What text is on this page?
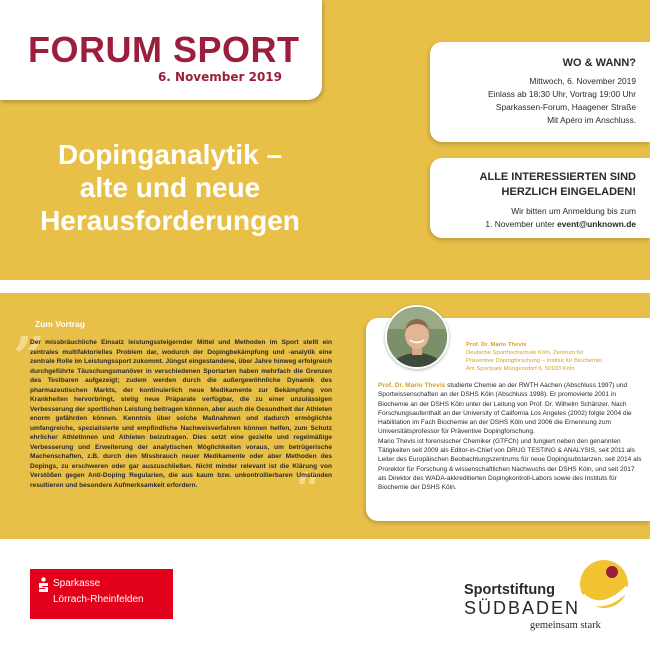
FORUM SPORT
6. November 2019
Dopinganalytik –
alte und neue
Herausforderungen
WO & WANN?
Mittwoch, 6. November 2019
Einlass ab 18:30 Uhr, Vortrag 19:00 Uhr
Sparkassen-Forum, Haagener Straße
Mit Apéro im Anschluss.
ALLE INTERESSIERTEN SIND
HERZLICH EINGELADEN!
Wir bitten um Anmeldung bis zum
1. November unter event@unknown.de
„
“
Zum Vortrag
Der missbräuchliche Einsatz leistungssteigernder Mittel und Methoden im Sport stellt ein zentrales multifaktorielles Problem dar, wodurch der Dopingbekämpfung und -analytik eine zentrale Rolle im Leistungssport zukommt. Jüngst eingestandene, über Jahre hinweg erfolgreich durchgeführte Täuschungsmanöver in verschiedenen Sportarten haben mehrfach die Grenzen des Testbaren aufgezeigt; zudem werden durch die außergewöhnliche Dynamik des pharmazeutischen Markts, der kontinuierlich neue Medikamente zur Bekämpfung von Krankheiten hervorbringt, stetig neue Präparate verfügbar, die zu einer unzulässigen Verbesserung der sportlichen Leistung beitragen können, aber auch die Gesundheit der Athleten enorm gefährden können. Kenntnis über solche Maßnahmen und dadurch ermöglichte umfangreiche, spezialisierte und empfindliche Nachweisverfahren können helfen, zum Schutz ehrlicher Athletinnen und Athleten beizutragen. Dies setzt eine gezielte und regelmäßige Verbesserung und Erweiterung der analytischen Möglichkeiten voraus, um betrügerische Machenschaften, z.B. durch den Missbrauch neuer Medikamente oder aber Methoden des Dopings, zu erschweren oder gar auszuschließen. Nicht minder relevant ist die Klärung von Verstößen gegen Anti-Doping Regularien, die aus kaum bzw. unkontrollierbaren Umständen resultieren und besondere Aufmerksamkeit erfordern.
Prof. Dr. Mario Thevis
Deutsche Sporthochschule Köln, Zentrum für
Präventive Dopingforschung – Institut für Biochemie,
Am Sportpark Müngersdorf 6, 50933 Köln
Prof. Dr. Mario Thevis studierte Chemie an der RWTH Aachen (Abschluss 1997) und Sportwissenschaften an der DSHS Köln (Abschluss 1998). Er promovierte 2001 in Biochemie an der DSHS Köln unter der Leitung von Prof. Dr. Wilhelm Schänzer. Nach Forschungsaufenthalt an der University of California Los Angeles (2002) folgte 2004 die Habilitation im Fach Biochemie an der DSHS Köln und 2006 die Ernennung zum Universitätsprofessor für Präventive Dopingforschung.
Mario Thevis ist forensischer Chemiker (GTFCh) und fungiert neben den genannten Tätigkeiten seit 2009 als Editor-in-Chief von DRUG TESTING & ANALYSIS, seit 2011 als Leiter des Europäischen Beobachtungszentrums für neue Dopingsubstanzen, seit 2014 als Prorektor für Forschung & wissenschaftlichen Nachwuchs der DSHS Köln, und seit 2017 als Direktor des WADA-akkreditierten Dopingkontroll-Labors sowie des Instituts für Biochemie der DSHS Köln.
Sparkasse
Lörrach-Rheinfelden
Sportstiftung
SÜDBADEN
gemeinsam stark
